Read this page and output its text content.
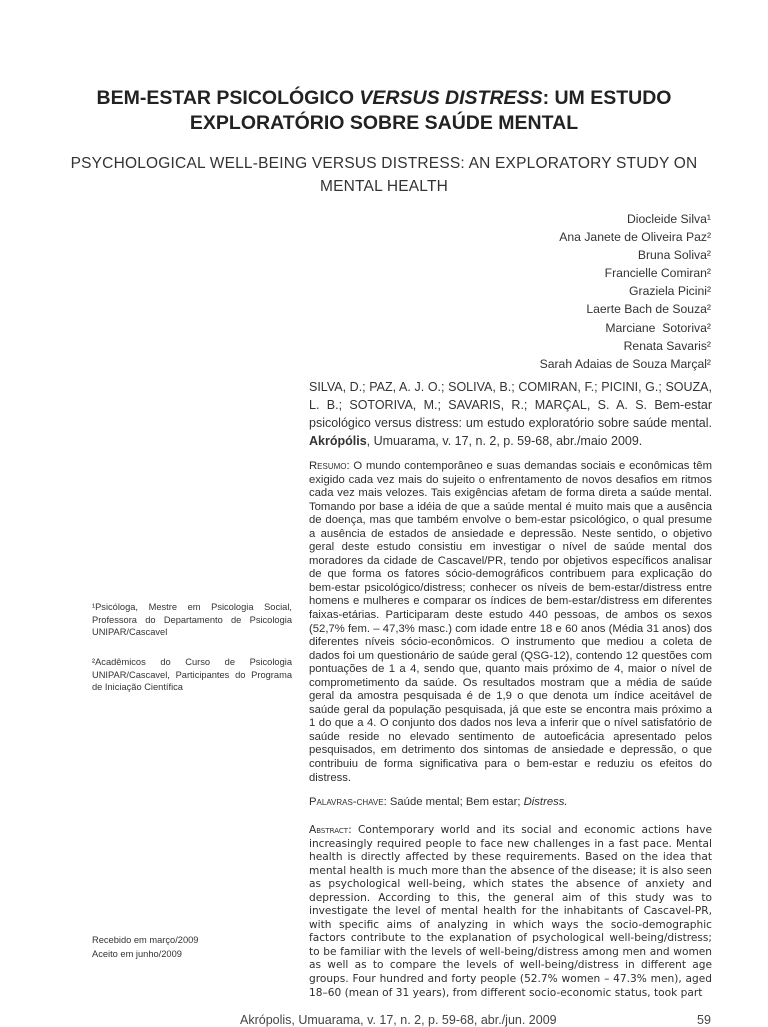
BEM-ESTAR PSICOLÓGICO VERSUS DISTRESS: UM ESTUDO EXPLORATÓRIO SOBRE SAÚDE MENTAL
PSYCHOLOGICAL WELL-BEING VERSUS DISTRESS: AN EXPLORATORY STUDY ON MENTAL HEALTH
Diocleide Silva¹
Ana Janete de Oliveira Paz²
Bruna Soliva²
Francielle Comiran²
Graziela Picini²
Laerte Bach de Souza²
Marciane  Sotoriva²
Renata Savaris²
Sarah Adaias de Souza Marçal²
SILVA, D.; PAZ, A. J. O.; SOLIVA, B.; COMIRAN, F.; PICINI, G.; SOUZA, L. B.; SOTORIVA, M.; SAVARIS, R.; MARÇAL, S. A. S. Bem-estar psicológico versus distress: um estudo exploratório sobre saúde mental. Akrópólis, Umuarama, v. 17, n. 2, p. 59-68, abr./maio 2009.
Resumo: O mundo contemporâneo e suas demandas sociais e econômicas têm exigido cada vez mais do sujeito o enfrentamento de novos desafios em ritmos cada vez mais velozes. Tais exigências afetam de forma direta a saúde mental. Tomando por base a idéia de que a saúde mental é muito mais que a ausência de doença, mas que também envolve o bem-estar psicológico, o qual presume a ausência de estados de ansiedade e depressão. Neste sentido, o objetivo geral deste estudo consistiu em investigar o nível de saúde mental dos moradores da cidade de Cascavel/PR, tendo por objetivos específicos analisar de que forma os fatores sócio-demográficos contribuem para explicação do bem-estar psicológico/distress; conhecer os níveis de bem-estar/distress entre homens e mulheres e comparar os índices de bem-estar/distress em diferentes faixas-etárias. Participaram deste estudo 440 pessoas, de ambos os sexos (52,7% fem. – 47,3% masc.) com idade entre 18 e 60 anos (Média 31 anos) dos diferentes níveis sócio-econômicos. O instrumento que mediou a coleta de dados foi um questionário de saúde geral (QSG-12), contendo 12 questões com pontuações de 1 a 4, sendo que, quanto mais próximo de 4, maior o nível de comprometimento da saúde. Os resultados mostram que a média de saúde geral da amostra pesquisada é de 1,9 o que denota um índice aceitável de saúde geral da população pesquisada, já que este se encontra mais próximo a 1 do que a 4. O conjunto dos dados nos leva a inferir que o nível satisfatório de saúde reside no elevado sentimento de autoeficácia apresentado pelos pesquisados, em detrimento dos sintomas de ansiedade e depressão, o que contribuiu de forma significativa para o bem-estar e reduziu os efeitos do distress.
Palavras-chave: Saúde mental; Bem estar; Distress.
Abstract: Contemporary world and its social and economic actions have increasingly required people to face new challenges in a fast pace. Mental health is directly affected by these requirements. Based on the idea that mental health is much more than the absence of the disease; it is also seen as psychological well-being, which states the absence of anxiety and depression. According to this, the general aim of this study was to investigate the level of mental health for the inhabitants of Cascavel-PR, with specific aims of analyzing in which ways the socio-demographic factors contribute to the explanation of psychological well-being/distress; to be familiar with the levels of well-being/distress among men and women as well as to compare the levels of well-being/distress in different age groups. Four hundred and forty people (52.7% women – 47.3% men), aged 18–60 (mean of 31 years), from different socio-economic status, took part
¹Psicóloga, Mestre em Psicologia Social, Professora do Departamento de Psicologia UNIPAR/Cascavel
²Acadêmicos do Curso de Psicologia UNIPAR/Cascavel, Participantes do Programa de Iniciação Científica
Recebido em março/2009
Aceito em junho/2009
Akrópolis, Umuarama, v. 17, n. 2, p. 59-68, abr./jun. 2009	59
